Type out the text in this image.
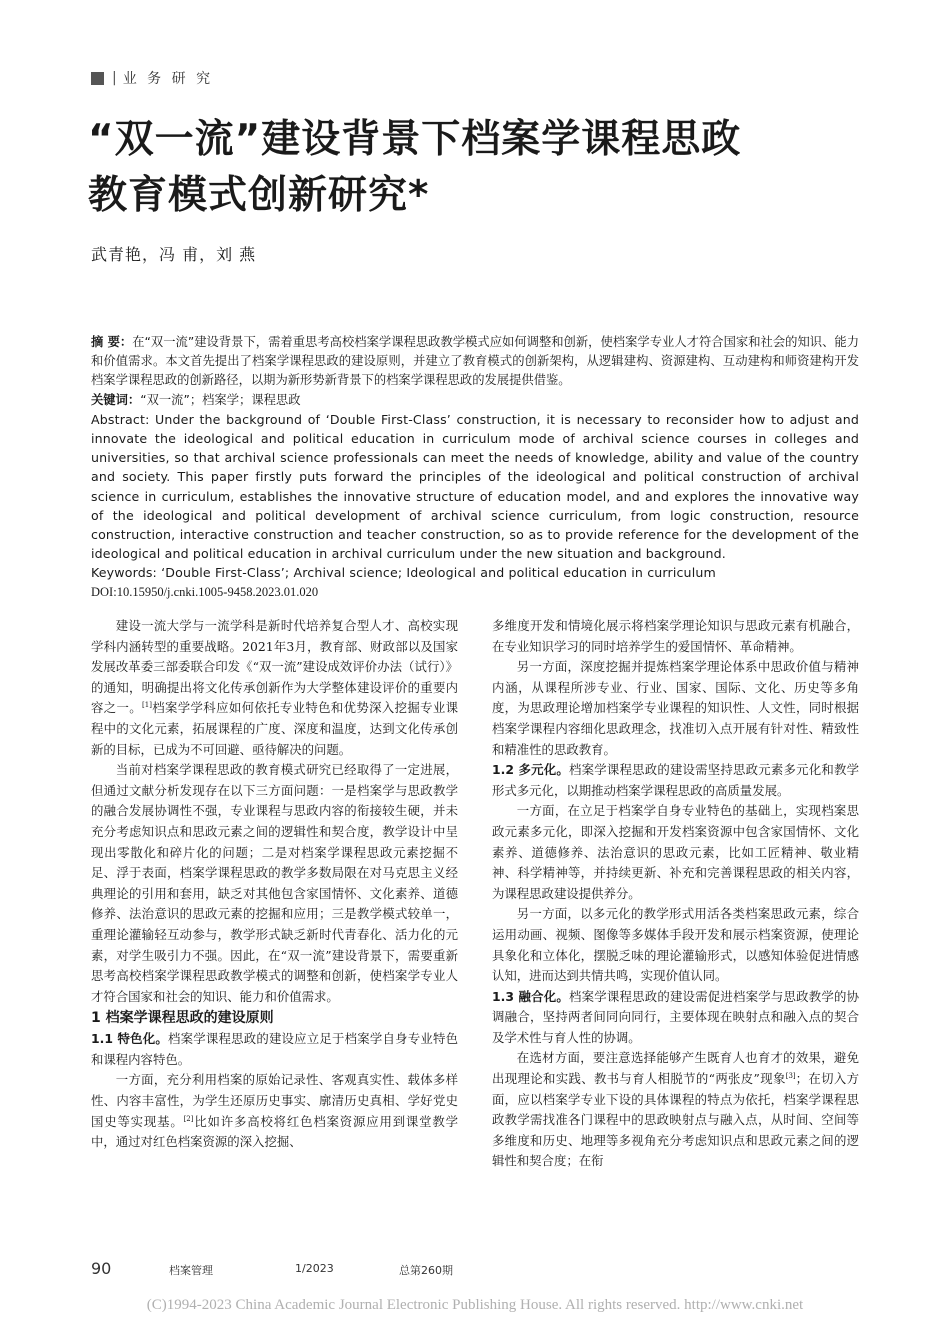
| 业 务 研 究
“双一流”建设背景下档案学课程思政
教育模式创新研究*
武青艳，冯 甫，刘 燕

摘 要：在“双一流”建设背景下，需着重思考高校档案学课程思政教学模式应如何调整和创新，使档案学专业人才符合国家和社会的知识、能力和价值需求。本文首先提出了档案学课程思政的建设原则，并建立了教育模式的创新架构，从逻辑建构、资源建构、互动建构和师资建构开发档案学课程思政的创新路径，以期为新形势新背景下的档案学课程思政的发展提供借鉴。

关键词：“双一流”；档案学；课程思政

Abstract: Under the background of ‘Double First-Class’ construction, it is necessary to reconsider how to adjust and innovate the ideological and political education in curriculum mode of archival science courses in colleges and universities, so that archival science professionals can meet the needs of knowledge, ability and value of the country and society. This paper firstly puts forward the principles of the ideological and political construction of archival science in curriculum, establishes the innovative structure of education model, and and explores the innovative way of the ideological and political development of archival science curriculum, from logic construction, resource construction, interactive construction and teacher construction, so as to provide reference for the development of the ideological and political education in archival curriculum under the new situation and background.

Keywords: ‘Double First-Class’; Archival science; Ideological and political education in curriculum

DOI:10.15950/j.cnki.1005-9458.2023.01.020

建设一流大学与一流学科是新时代培养复合型人才、高校实现学科内涵转型的重要战略。2021年3月，教育部、财政部以及国家发展改革委三部委联合印发《“双一流”建设成效评价办法（试行）》的通知，明确提出将文化传承创新作为大学整体建设评价的重要内容之一。[1]档案学学科应如何依托专业特色和优势深入挖掘专业课程中的文化元素，拓展课程的广度、深度和温度，达到文化传承创新的目标，已成为不可回避、亟待解决的问题。

当前对档案学课程思政的教育模式研究已经取得了一定进展，但通过文献分析发现存在以下三方面问题：一是档案学与思政教学的融合发展协调性不强，专业课程与思政内容的衔接较生硬，并未充分考虑知识点和思政元素之间的逻辑性和契合度，教学设计中呈现出零散化和碎片化的问题；二是对档案学课程思政元素挖掘不足、浮于表面，档案学课程思政的教学多数局限在对马克思主义经典理论的引用和套用，缺乏对其他包含家国情怀、文化素养、道德修养、法治意识的思政元素的挖掘和应用；三是教学模式较单一，重理论灌输轻互动参与，教学形式缺乏新时代青春化、活力化的元素，对学生吸引力不强。因此，在“双一流”建设背景下，需要重新思考高校档案学课程思政教学模式的调整和创新，使档案学专业人才符合国家和社会的知识、能力和价值需求。

1 档案学课程思政的建设原则

1.1 特色化。档案学课程思政的建设应立足于档案学自身专业特色和课程内容特色。

一方面，充分利用档案的原始记录性、客观真实性、载体多样性、内容丰富性，为学生还原历史事实、廓清历史真相、学好党史国史等实现基。[2]比如许多高校将红色档案资源应用到课堂教学中，通过对红色档案资源的深入挖掘、

多维度开发和情境化展示将档案学理论知识与思政元素有机融合，在专业知识学习的同时培养学生的爱国情怀、革命精神。

另一方面，深度挖掘并提炼档案学理论体系中思政价值与精神内涵，从课程所涉专业、行业、国家、国际、文化、历史等多角度，为思政理论增加档案学专业课程的知识性、人文性，同时根据档案学课程内容细化思政理念，找准切入点开展有针对性、精致性和精准性的思政教育。

1.2 多元化。档案学课程思政的建设需坚持思政元素多元化和教学形式多元化，以期推动档案学课程思政的高质量发展。

一方面，在立足于档案学自身专业特色的基础上，实现档案思政元素多元化，即深入挖掘和开发档案资源中包含家国情怀、文化素养、道德修养、法治意识的思政元素，比如工匠精神、敬业精神、科学精神等，并持续更新、补充和完善课程思政的相关内容，为课程思政建设提供养分。

另一方面，以多元化的教学形式用活各类档案思政元素，综合运用动画、视频、图像等多媒体手段开发和展示档案资源，使理论具象化和立体化，摆脱乏味的理论灌输形式，以感知体验促进情感认知，进而达到共情共鸣，实现价值认同。

1.3 融合化。档案学课程思政的建设需促进档案学与思政教学的协调融合，坚持两者间同向同行，主要体现在映射点和融入点的契合及学术性与育人性的协调。

在选材方面，要注意选择能够产生既育人也育才的效果，避免出现理论和实践、教书与育人相脱节的“两张皮”现象[3]；在切入方面，应以档案学专业下设的具体课程的特点为依托，档案学课程思政教学需找准各门课程中的思政映射点与融入点，从时间、空间等多维度和历史、地理等多视角充分考虑知识点和思政元素之间的逻辑性和契合度；在衔

90	档案管理	1/2023	总第260期
(C)1994-2023 China Academic Journal Electronic Publishing House. All rights reserved. http://www.cnki.net
